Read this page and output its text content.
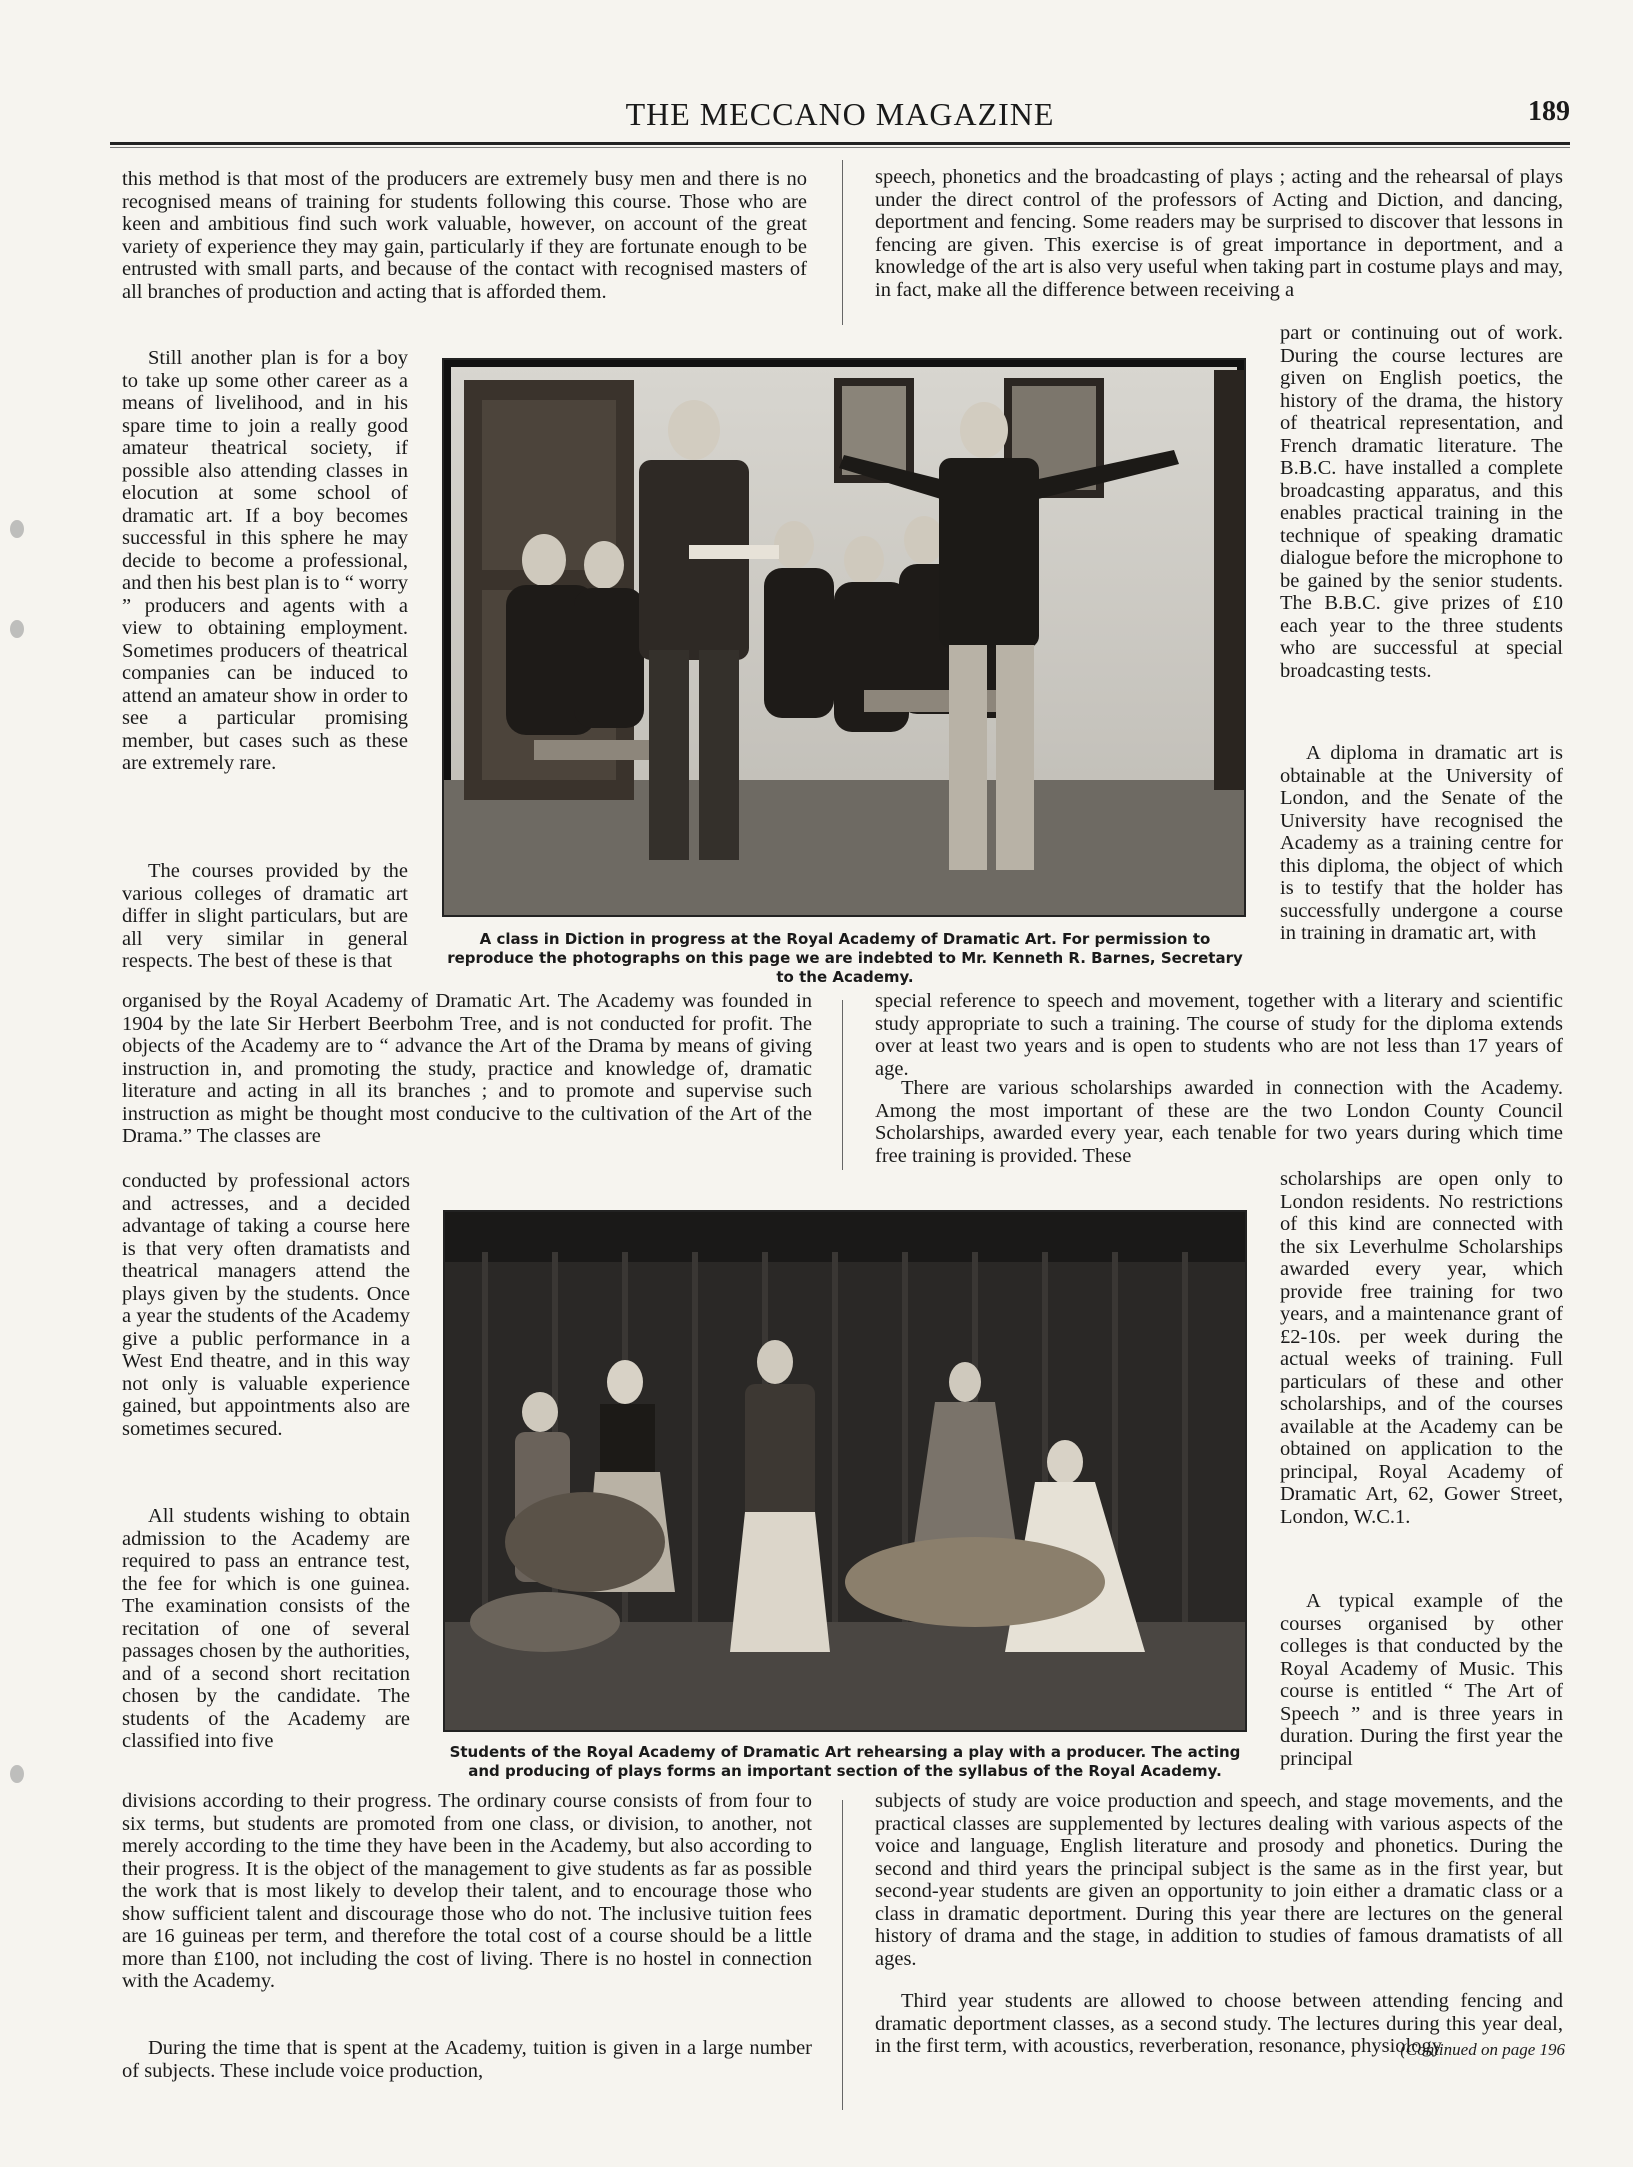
THE MECCANO MAGAZINE	189

this method is that most of the producers are extremely busy men and there is no recognised means of training for students following this course. Those who are keen and ambitious find such work valuable, however, on account of the great variety of experience they may gain, particularly if they are fortunate enough to be entrusted with small parts, and because of the contact with recognised masters of all branches of production and acting that is afforded them.

Still another plan is for a boy to take up some other career as a means of livelihood, and in his spare time to join a really good amateur theatrical society, if possible also attending classes in elocution at some school of dramatic art. If a boy becomes successful in this sphere he may decide to become a professional, and then his best plan is to “ worry ” producers and agents with a view to obtaining employment. Sometimes producers of theatrical companies can be induced to attend an amateur show in order to see a particular promising member, but cases such as these are extremely rare.

The courses provided by the various colleges of dramatic art differ in slight particulars, but are all very similar in general respects. The best of these is that

organised by the Royal Academy of Dramatic Art. The Academy was founded in 1904 by the late Sir Herbert Beerbohm Tree, and is not conducted for profit. The objects of the Academy are to “ advance the Art of the Drama by means of giving instruction in, and promoting the study, practice and knowledge of, dramatic literature and acting in all its branches ; and to promote and supervise such instruction as might be thought most conducive to the cultivation of the Art of the Drama.” The classes are

conducted by professional actors and actresses, and a decided advantage of taking a course here is that very often dramatists and theatrical managers attend the plays given by the students. Once a year the students of the Academy give a public performance in a West End theatre, and in this way not only is valuable experience gained, but appointments also are sometimes secured.

All students wishing to obtain admission to the Academy are required to pass an entrance test, the fee for which is one guinea. The examination consists of the recitation of one of several passages chosen by the authorities, and of a second short recitation chosen by the candidate. The students of the Academy are classified into five

divisions according to their progress. The ordinary course consists of from four to six terms, but students are promoted from one class, or division, to another, not merely according to the time they have been in the Academy, but also according to their progress. It is the object of the management to give students as far as possible the work that is most likely to develop their talent, and to encourage those who show sufficient talent and discourage those who do not. The inclusive tuition fees are 16 guineas per term, and therefore the total cost of a course should be a little more than £100, not including the cost of living. There is no hostel in connection with the Academy.

During the time that is spent at the Academy, tuition is given in a large number of subjects. These include voice production,

speech, phonetics and the broadcasting of plays ; acting and the rehearsal of plays under the direct control of the professors of Acting and Diction, and dancing, deportment and fencing. Some readers may be surprised to discover that lessons in fencing are given. This exercise is of great importance in deportment, and a knowledge of the art is also very useful when taking part in costume plays and may, in fact, make all the difference between receiving a

part or continuing out of work. During the course lectures are given on English poetics, the history of the drama, the history of theatrical representation, and French dramatic literature. The B.B.C. have installed a complete broadcasting apparatus, and this enables practical training in the technique of speaking dramatic dialogue before the microphone to be gained by the senior students. The B.B.C. give prizes of £10 each year to the three students who are successful at special broadcasting tests.

A diploma in dramatic art is obtainable at the University of London, and the Senate of the University have recognised the Academy as a training centre for this diploma, the object of which is to testify that the holder has successfully undergone a course in training in dramatic art, with

special reference to speech and movement, together with a literary and scientific study appropriate to such a training. The course of study for the diploma extends over at least two years and is open to students who are not less than 17 years of age.

There are various scholarships awarded in connection with the Academy. Among the most important of these are the two London County Council Scholarships, awarded every year, each tenable for two years during which time free training is provided. These

scholarships are open only to London residents. No restrictions of this kind are connected with the six Leverhulme Scholarships awarded every year, which provide free training for two years, and a maintenance grant of £2-10s. per week during the actual weeks of training. Full particulars of these and other scholarships, and of the courses available at the Academy can be obtained on application to the principal, Royal Academy of Dramatic Art, 62, Gower Street, London, W.C.1.

A typical example of the courses organised by other colleges is that conducted by the Royal Academy of Music. This course is entitled “ The Art of Speech ” and is three years in duration. During the first year the principal

subjects of study are voice production and speech, and stage movements, and the practical classes are supplemented by lectures dealing with various aspects of the voice and language, English literature and prosody and phonetics. During the second and third years the principal subject is the same as in the first year, but second-year students are given an opportunity to join either a dramatic class or a class in dramatic deportment. During this year there are lectures on the general history of drama and the stage, in addition to studies of famous dramatists of all ages.

Third year students are allowed to choose between attending fencing and dramatic deportment classes, as a second study. The lectures during this year deal, in the first term, with acoustics, reverberation, resonance, physiology

(Continued on page 196

A class in Diction in progress at the Royal Academy of Dramatic Art. For permission to reproduce the photographs on this page we are indebted to Mr. Kenneth R. Barnes, Secretary to the Academy.

Students of the Royal Academy of Dramatic Art rehearsing a play with a producer. The acting and producing of plays forms an important section of the syllabus of the Royal Academy.
